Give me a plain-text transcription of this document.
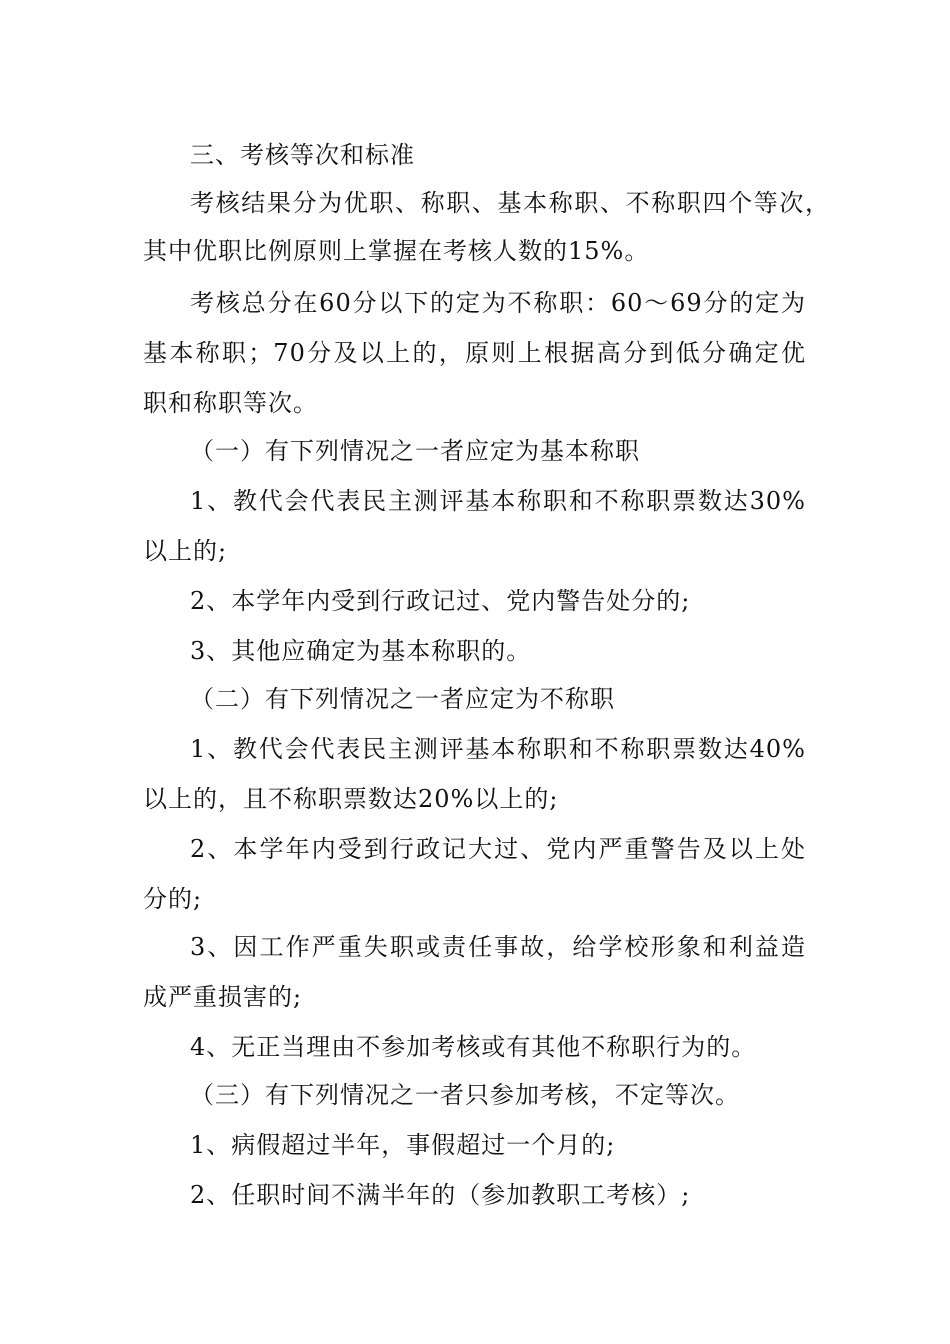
三、考核等次和标准
考核结果分为优职、称职、基本称职、不称职四个等次，
其中优职比例原则上掌握在考核人数的15%。
考核总分在60分以下的定为不称职：60～69分的定为
基本称职；70分及以上的，原则上根据高分到低分确定优
职和称职等次。
（一）有下列情况之一者应定为基本称职
1、教代会代表民主测评基本称职和不称职票数达30%
以上的;
2、本学年内受到行政记过、党内警告处分的;
3、其他应确定为基本称职的。
（二）有下列情况之一者应定为不称职
1、教代会代表民主测评基本称职和不称职票数达40%
以上的，且不称职票数达20%以上的;
2、本学年内受到行政记大过、党内严重警告及以上处
分的;
3、因工作严重失职或责任事故，给学校形象和利益造
成严重损害的;
4、无正当理由不参加考核或有其他不称职行为的。
（三）有下列情况之一者只参加考核，不定等次。
1、病假超过半年，事假超过一个月的;
2、任职时间不满半年的（参加教职工考核）;
